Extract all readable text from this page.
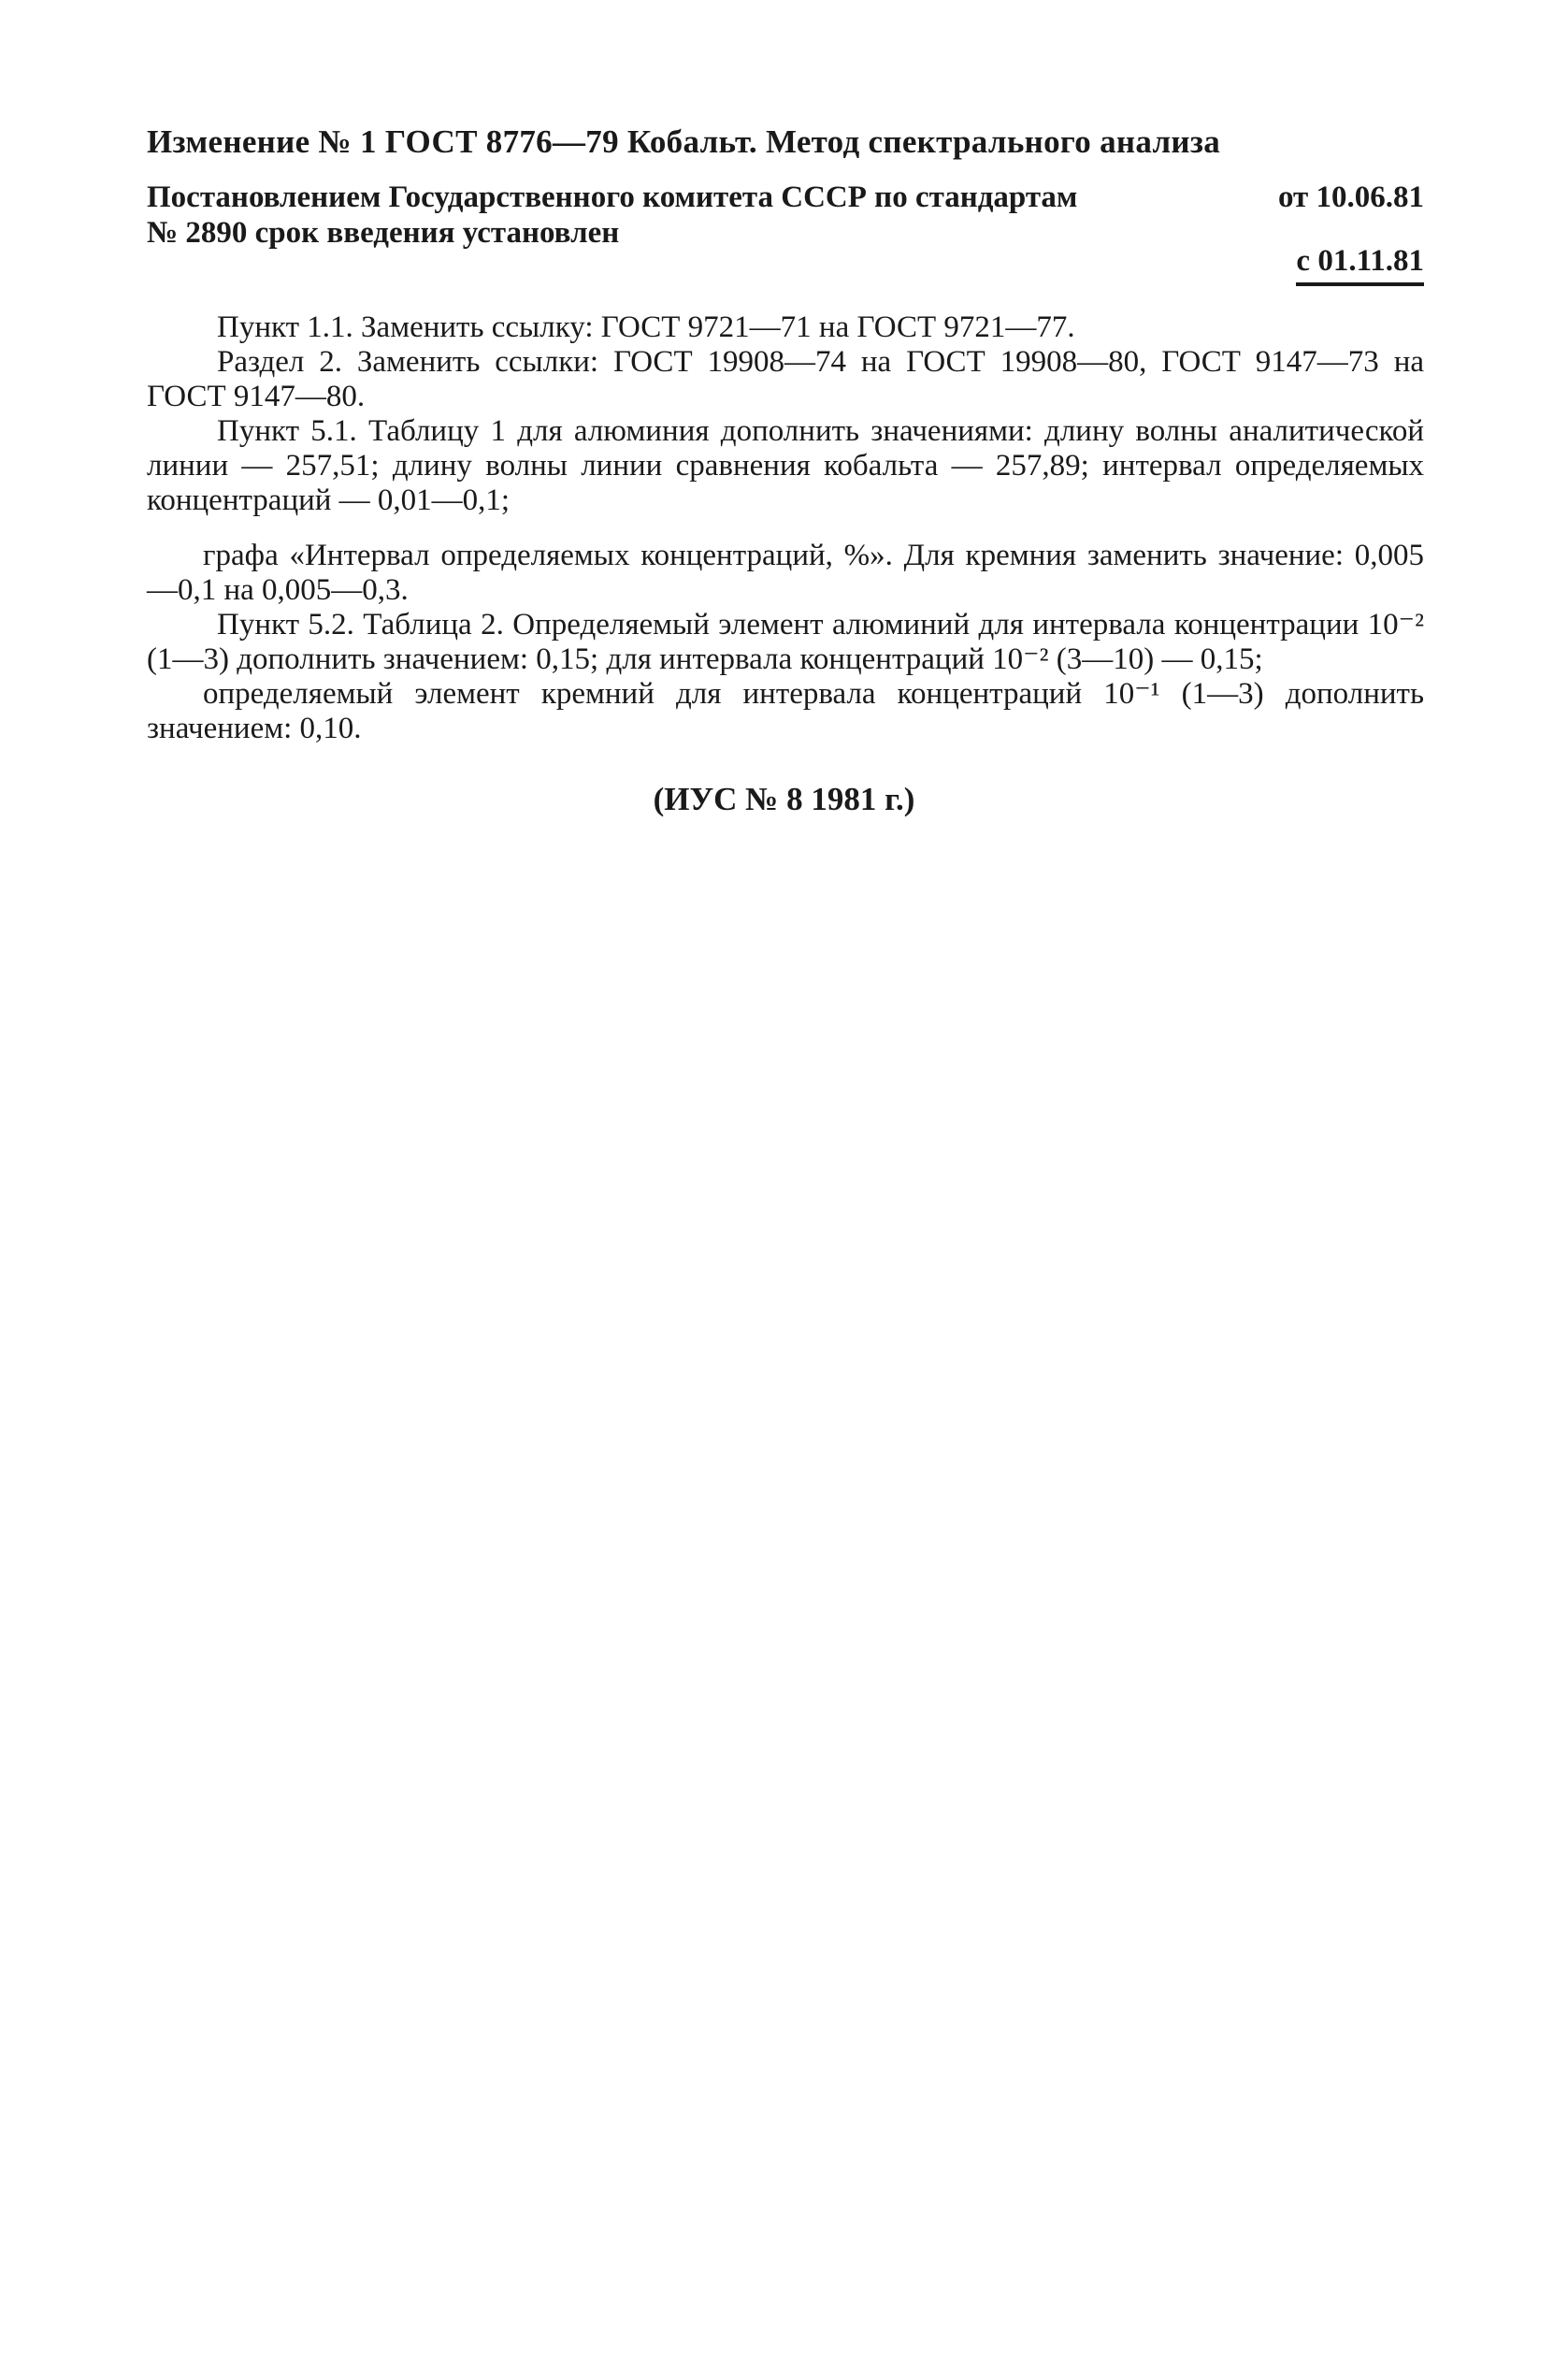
Изменение № 1 ГОСТ 8776—79 Кобальт. Метод спектрального анализа
Постановлением Государственного комитета СССР по стандартам	от 10.06.81
№ 2890 срок введения установлен
с 01.11.81

Пункт 1.1. Заменить ссылку: ГОСТ 9721—71 на ГОСТ 9721—77.

Раздел 2. Заменить ссылки: ГОСТ 19908—74 на ГОСТ 19908—80, ГОСТ 9147—73 на ГОСТ 9147—80.

Пункт 5.1. Таблицу 1 для алюминия дополнить значениями: длину волны аналитической линии — 257,51; длину волны линии сравнения кобальта — 257,89; интервал определяемых концентраций — 0,01—0,1;

графа «Интервал определяемых концентраций, %». Для кремния заменить значение: 0,005—0,1 на 0,005—0,3.

Пункт 5.2. Таблица 2. Определяемый элемент алюминий для интервала концентрации 10⁻² (1—3) дополнить значением: 0,15; для интервала концентраций 10⁻² (3—10) — 0,15;

определяемый элемент кремний для интервала концентраций 10⁻¹ (1—3) дополнить значением: 0,10.

(ИУС № 8 1981 г.)
